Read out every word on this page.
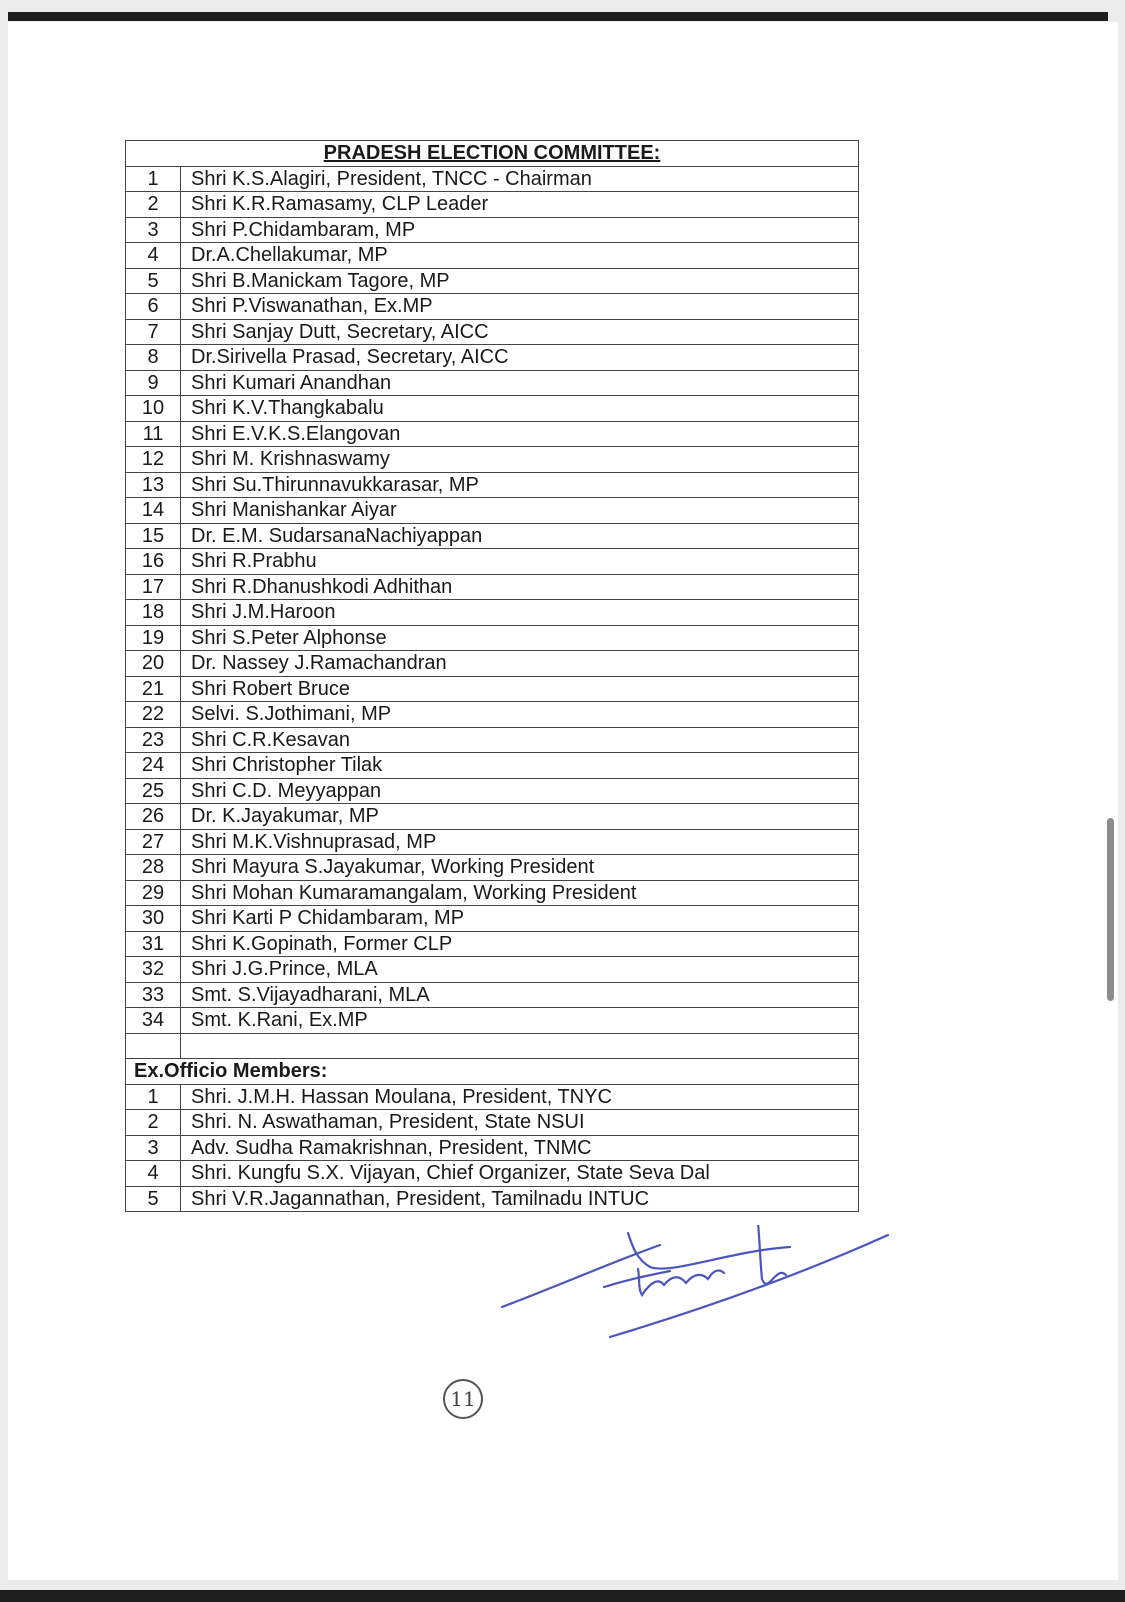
PRADESH ELECTION COMMITTEE:	
1	Shri K.S.Alagiri, President, TNCC - Chairman
2	Shri K.R.Ramasamy, CLP Leader
3	Shri P.Chidambaram, MP
4	Dr.A.Chellakumar, MP
5	Shri B.Manickam Tagore, MP
6	Shri P.Viswanathan, Ex.MP
7	Shri Sanjay Dutt, Secretary, AICC
8	Dr.Sirivella Prasad, Secretary, AICC
9	Shri Kumari Anandhan
10	Shri K.V.Thangkabalu
11	Shri E.V.K.S.Elangovan
12	Shri M. Krishnaswamy
13	Shri Su.Thirunnavukkarasar, MP
14	Shri Manishankar Aiyar
15	Dr. E.M. SudarsanaNachiyappan
16	Shri R.Prabhu
17	Shri R.Dhanushkodi Adhithan
18	Shri J.M.Haroon
19	Shri S.Peter Alphonse
20	Dr. Nassey J.Ramachandran
21	Shri Robert Bruce
22	Selvi. S.Jothimani, MP
23	Shri C.R.Kesavan
24	Shri Christopher Tilak
25	Shri C.D. Meyyappan
26	Dr. K.Jayakumar, MP
27	Shri M.K.Vishnuprasad, MP
28	Shri Mayura S.Jayakumar, Working President
29	Shri Mohan Kumaramangalam, Working President
30	Shri Karti P Chidambaram, MP
31	Shri K.Gopinath, Former CLP
32	Shri J.G.Prince, MLA
33	Smt. S.Vijayadharani, MLA
34	Smt. K.Rani, Ex.MP

Ex.Officio Members:	
1	Shri. J.M.H. Hassan Moulana, President, TNYC
2	Shri. N. Aswathaman, President, State NSUI
3	Adv. Sudha Ramakrishnan, President, TNMC
4	Shri. Kungfu S.X. Vijayan, Chief Organizer, State Seva Dal
5	Shri V.R.Jagannathan, President, Tamilnadu INTUC
11
